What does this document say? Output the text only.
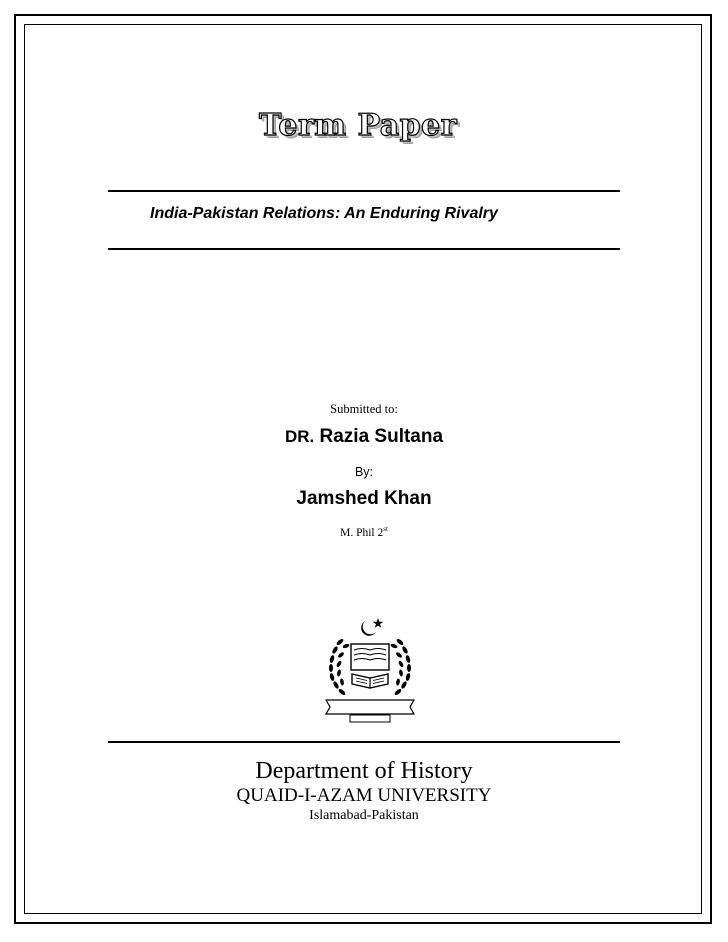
Term Paper
India-Pakistan Relations: An Enduring Rivalry
Submitted to:
DR. Razia Sultana
By:
Jamshed Khan
M. Phil 2st
Department of History
QUAID-I-AZAM UNIVERSITY
Islamabad-Pakistan
